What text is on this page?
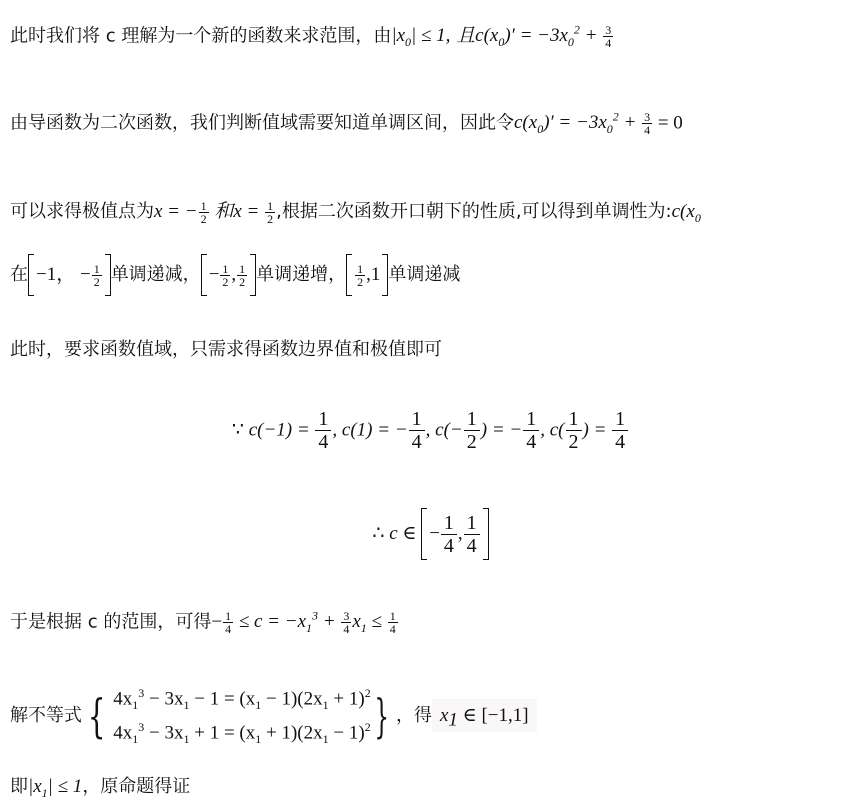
此时我们将 c 理解为一个新的函数来求范围，由$|x_0| \le 1$, 且$c(x_0)' = -3x_0^2 + \frac{3}{4}$
由导函数为二次函数，我们判断值域需要知道单调区间，因此令$c(x_0)' = -3x_0^2 + \frac{3}{4} = 0$
可以求得极值点为x = − $\frac{1}{2}$ 和$x = \frac{1}{2}$ ,根据二次函数开口朝下的性质,可以得到单调性为$:c(x_0$
在 −1， − $\frac{1}{2}$ 单调递减， − $\frac{1}{2}$ , $\frac{1}{2}$ 单调递增， $\frac{1}{2} ,1$ 单调递减
此时，要求函数值域，只需求得函数边界值和极值即可
∵ $c(-1) = \frac{1}{4}$ , c(1) = − $\frac{1}{4}$ , $c(- \frac{1}{2}$ ) = − $\frac{1}{4}$ , $c( \frac{1}{2}$ ) = $\frac{1}{4}$
∴ c ∈ − $\frac{1}{4}$ , $\frac{1}{4}$
于是根据 c 的范围，可得− $\frac{1}{4} \le c = -x_1^3 + \frac{3}{4} x_1 \le \frac{1}{4}$
解不等式 { $4x_1^3 - 3x_1 - 1 = (x_1 - 1)(2x_1 + 1)^2$
$4x_1^3 - 3x_1 + 1 = (x_1 + 1)(2x_1 - 1)^2$ } ，得 $x_1$ ∈ [−1,1]
即$|x_1| \le 1$，原命题得证
